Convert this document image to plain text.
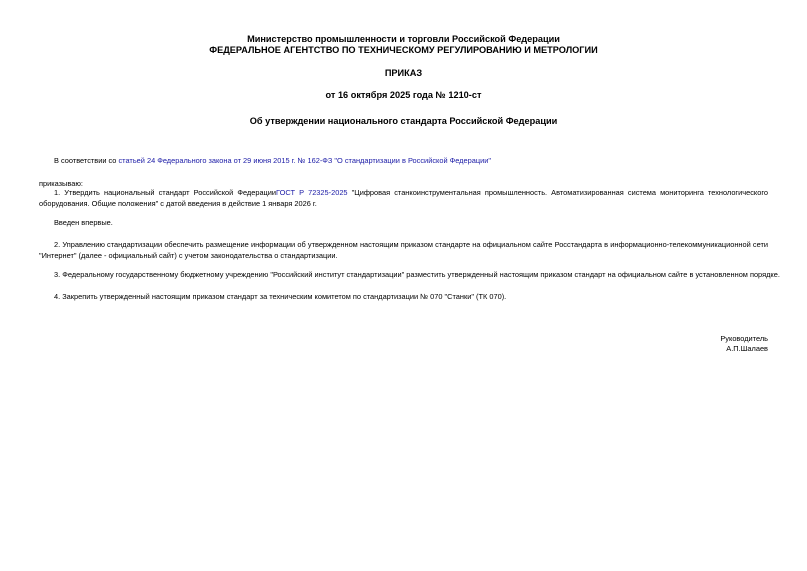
Министерство промышленности и торговли Российской Федерации
ФЕДЕРАЛЬНОЕ АГЕНТСТВО ПО ТЕХНИЧЕСКОМУ РЕГУЛИРОВАНИЮ И МЕТРОЛОГИИ
ПРИКАЗ
от 16 октября 2025 года № 1210-ст
Об утверждении национального стандарта Российской Федерации
В соответствии со статьей 24 Федерального закона от 29 июня 2015 г. № 162-ФЗ "О стандартизации в Российской Федерации"
приказываю:
1. Утвердить национальный стандарт Российской ФедерацииГОСТ Р 72325-2025 "Цифровая станкоинструментальная промышленность. Автоматизированная система мониторинга технологического
оборудования. Общие положения" с датой введения в действие 1 января 2026 г.
Введен впервые.
2. Управлению стандартизации обеспечить размещение информации об утвержденном настоящим приказом стандарте на официальном сайте Росстандарта в информационно-телекоммуникационной сети
"Интернет" (далее - официальный сайт) с учетом законодательства о стандартизации.
3. Федеральному государственному бюджетному учреждению "Российский институт стандартизации" разместить утвержденный настоящим приказом стандарт на официальном сайте в установленном порядке.
4. Закрепить утвержденный настоящим приказом стандарт за техническим комитетом по стандартизации № 070 "Станки" (ТК 070).
Руководитель
А.П.Шалаев
